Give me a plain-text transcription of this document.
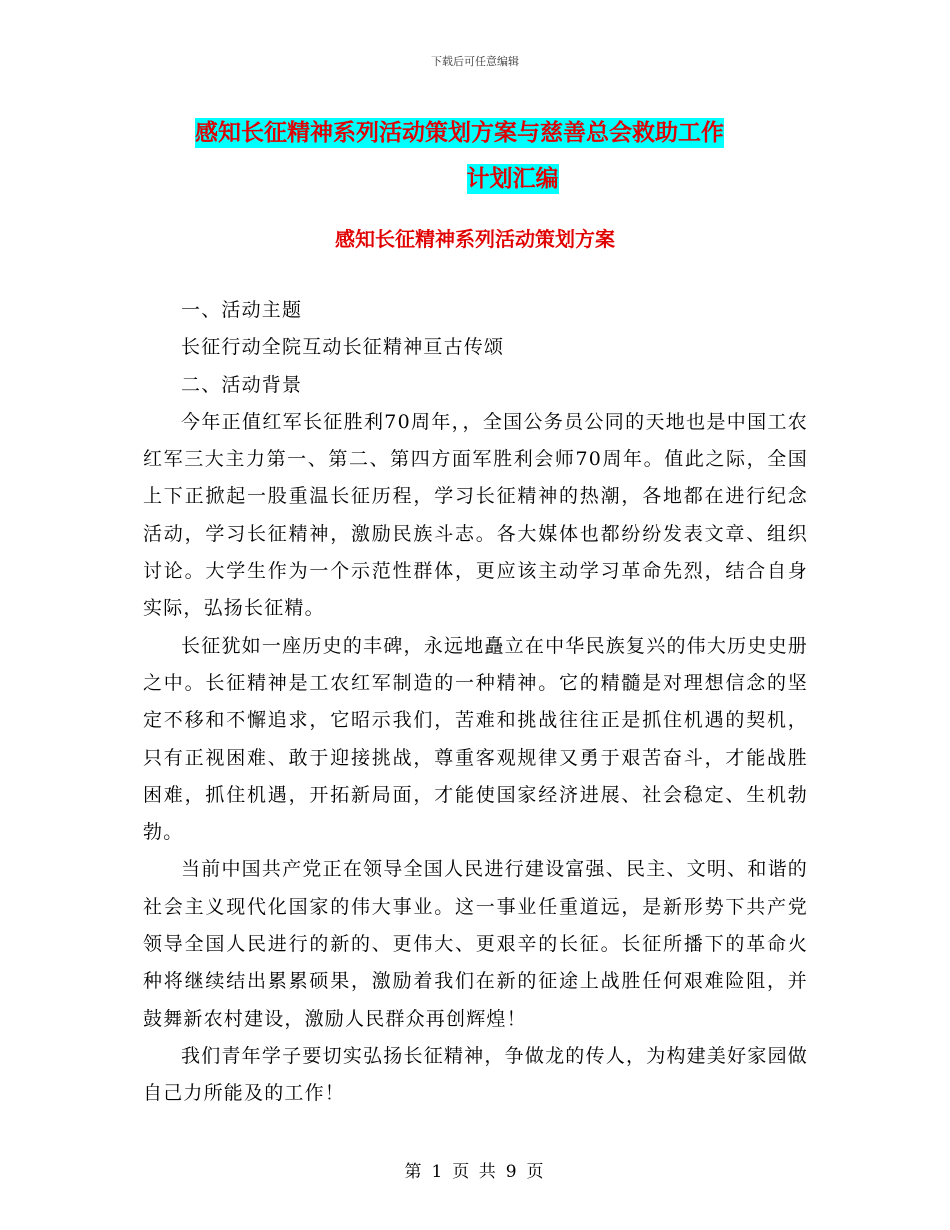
下载后可任意编辑
感知长征精神系列活动策划方案与慈善总会救助工作
计划汇编
感知长征精神系列活动策划方案

一、活动主题

长征行动全院互动长征精神亘古传颂

二、活动背景

今年正值红军长征胜利70周年，，全国公务员公同的天地也是中国工农红军三大主力第一、第二、第四方面军胜利会师70周年。值此之际，全国上下正掀起一股重温长征历程，学习长征精神的热潮，各地都在进行纪念活动，学习长征精神，激励民族斗志。各大媒体也都纷纷发表文章、组织讨论。大学生作为一个示范性群体，更应该主动学习革命先烈，结合自身实际，弘扬长征精。

长征犹如一座历史的丰碑，永远地矗立在中华民族复兴的伟大历史史册之中。长征精神是工农红军制造的一种精神。它的精髓是对理想信念的坚定不移和不懈追求，它昭示我们，苦难和挑战往往正是抓住机遇的契机，只有正视困难、敢于迎接挑战，尊重客观规律又勇于艰苦奋斗，才能战胜困难，抓住机遇，开拓新局面，才能使国家经济进展、社会稳定、生机勃勃。

当前中国共产党正在领导全国人民进行建设富强、民主、文明、和谐的社会主义现代化国家的伟大事业。这一事业任重道远，是新形势下共产党领导全国人民进行的新的、更伟大、更艰辛的长征。长征所播下的革命火种将继续结出累累硕果，激励着我们在新的征途上战胜任何艰难险阻，并鼓舞新农村建设，激励人民群众再创辉煌！

我们青年学子要切实弘扬长征精神，争做龙的传人，为构建美好家园做自己力所能及的工作！

第 1 页 共 9 页
